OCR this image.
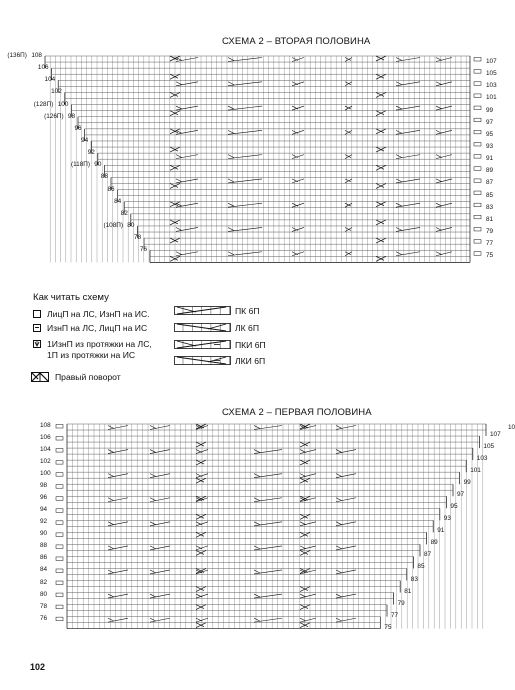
СХЕМА 2 – ВТОРАЯ ПОЛОВИНА
107
105
103
101
99
97
95
93
91
89
87
85
83
81
79
77
75
108
106
104
102
100
98
96
94
92
90
88
86
84
82
80
78
76
(136П)
(128П)
(126П)
(118П)
(108П)
Как читать схему
ЛицП на ЛС, ИзнП на ИС.
ИзнП на ЛС, ЛицП на ИС
1ИзнП из протяжки на ЛС,
1П из протяжки на ИС
Правый поворот
ПК 6П
ЛК 6П
ПКИ 6П
ЛКИ 6П
СХЕМА 2 – ПЕРВАЯ ПОЛОВИНА
108
106
104
102
100
98
96
94
92
90
88
86
84
82
80
78
76
107
105
103
101
99
97
95
93
91
89
87
85
83
81
79
77
75
10
102
